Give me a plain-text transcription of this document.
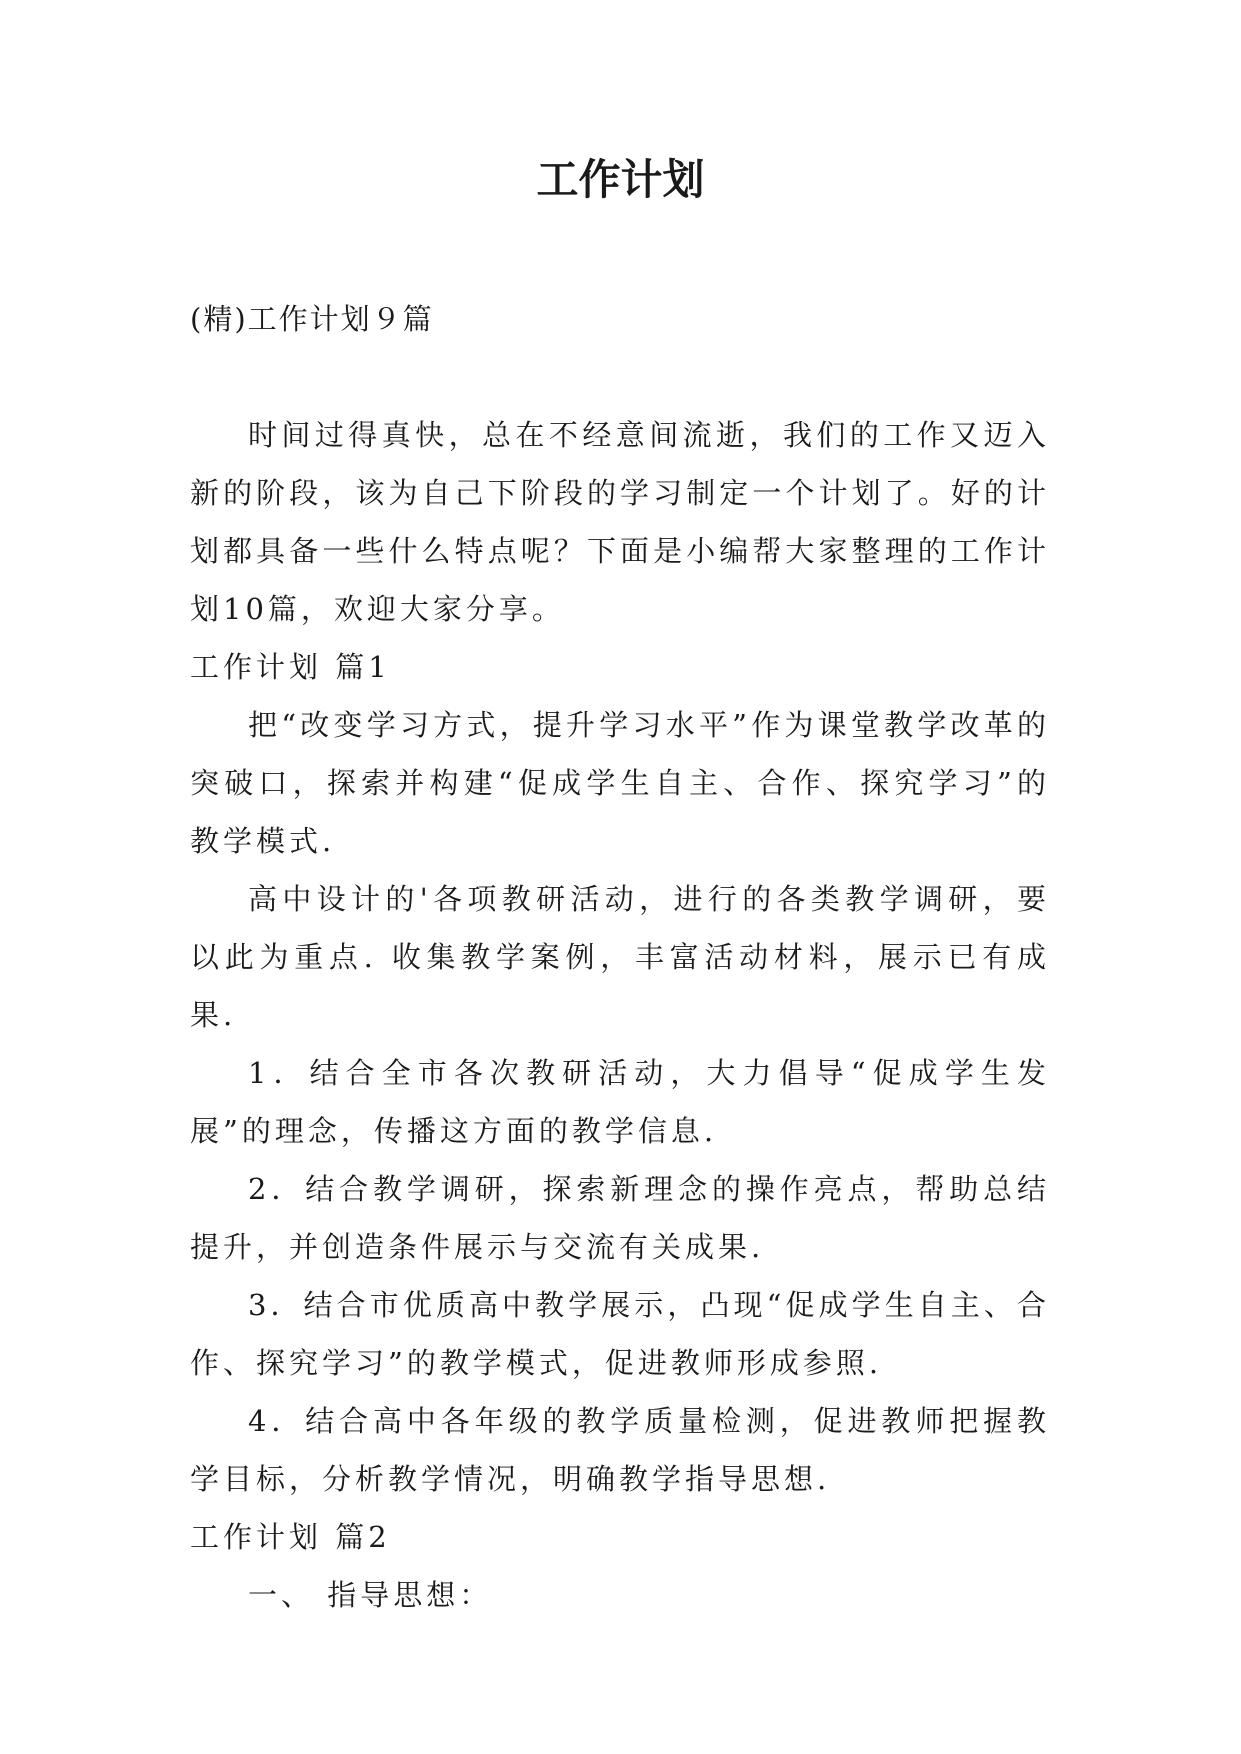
工作计划

(精)工作计划９篇

时间过得真快，总在不经意间流逝，我们的工作又迈入新的阶段，该为自己下阶段的学习制定一个计划了。好的计划都具备一些什么特点呢？下面是小编帮大家整理的工作计划10篇，欢迎大家分享。

工作计划 篇1

把“改变学习方式，提升学习水平”作为课堂教学改革的突破口，探索并构建“促成学生自主、合作、探究学习”的教学模式.

高中设计的'各项教研活动，进行的各类教学调研，要以此为重点. 收集教学案例，丰富活动材料，展示已有成果.

1．结合全市各次教研活动，大力倡导“促成学生发展”的理念，传播这方面的教学信息.

2．结合教学调研，探索新理念的操作亮点，帮助总结提升，并创造条件展示与交流有关成果.

3．结合市优质高中教学展示，凸现“促成学生自主、合作、探究学习”的教学模式，促进教师形成参照.

4．结合高中各年级的教学质量检测，促进教师把握教学目标，分析教学情况，明确教学指导思想.

工作计划 篇2

一、 指导思想：
